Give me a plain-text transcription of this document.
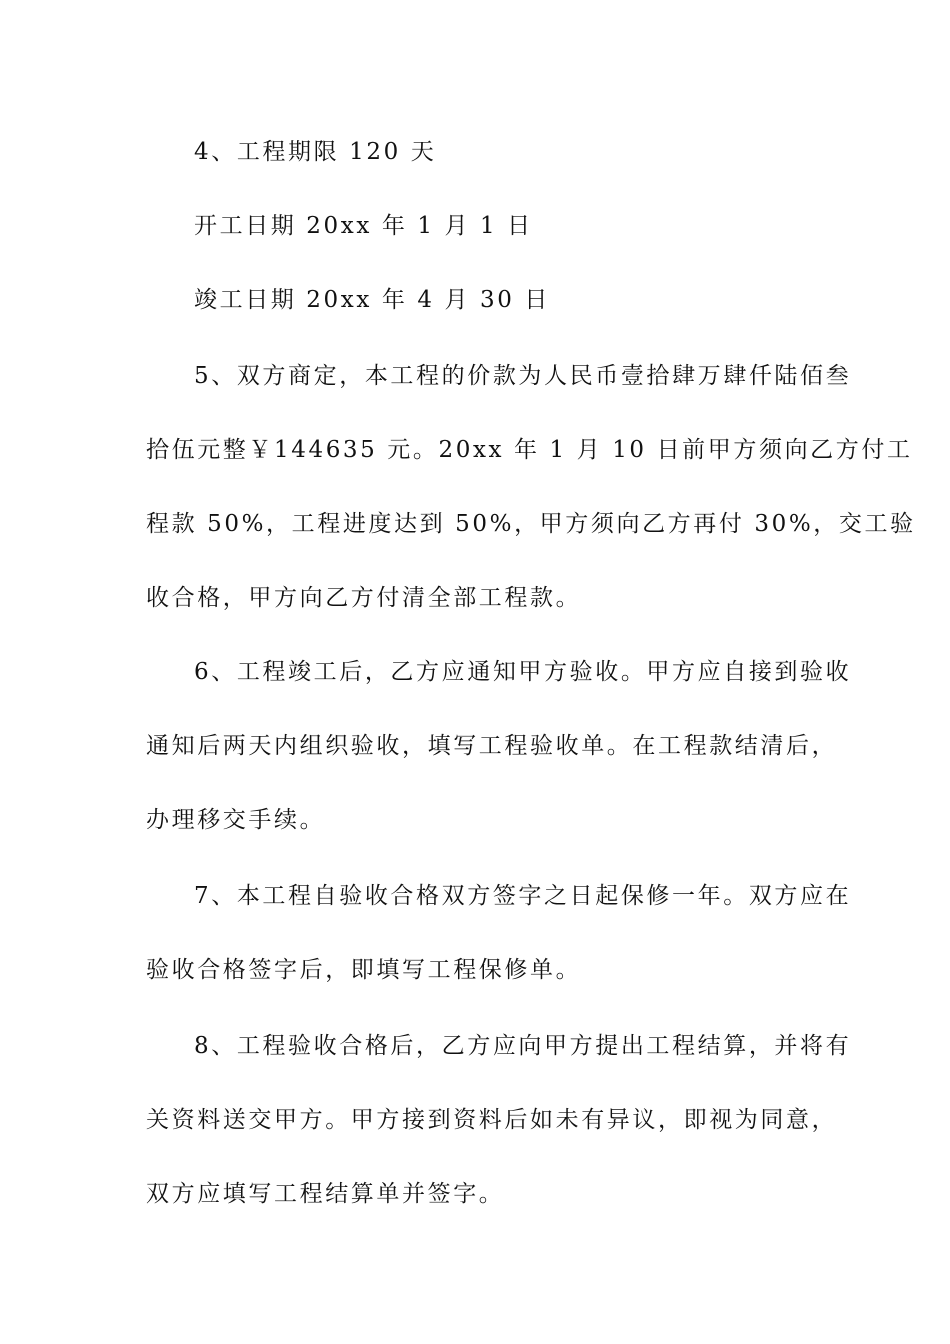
4、工程期限 120 天
开工日期 20xx 年 1 月 1 日
竣工日期 20xx 年 4 月 30 日
5、双方商定，本工程的价款为人民币壹拾肆万肆仟陆佰叁
拾伍元整￥144635 元。20xx 年 1 月 10 日前甲方须向乙方付工
程款 50%，工程进度达到 50%，甲方须向乙方再付 30%，交工验
收合格，甲方向乙方付清全部工程款。
6、工程竣工后，乙方应通知甲方验收。甲方应自接到验收
通知后两天内组织验收，填写工程验收单。在工程款结清后，
办理移交手续。
7、本工程自验收合格双方签字之日起保修一年。双方应在
验收合格签字后，即填写工程保修单。
8、工程验收合格后，乙方应向甲方提出工程结算，并将有
关资料送交甲方。甲方接到资料后如未有异议，即视为同意，
双方应填写工程结算单并签字。
